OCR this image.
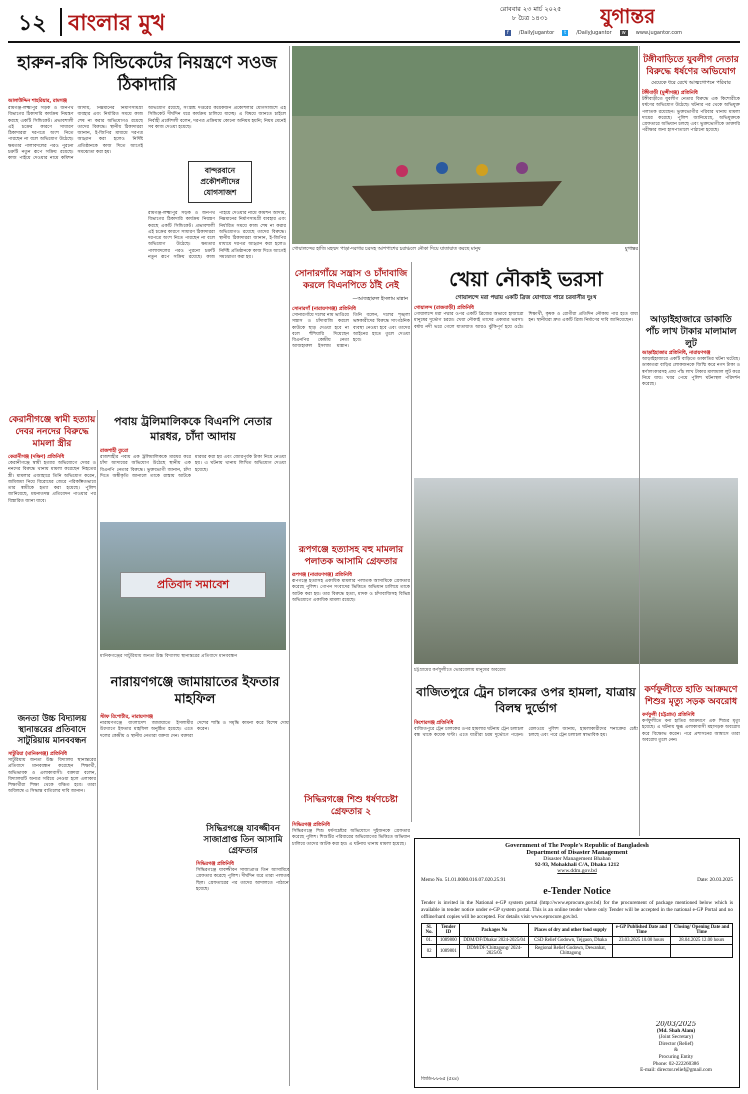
১২ বাংলার মুখ
রোববার ২৩ মার্চ ২০২৫
৮ চৈত্র ১৪৩১	যুগান্তর
f	/DailyJugantor	t	/DailyJugantor	w	www.jugantor.com
হারুন-রকি সিন্ডিকেটের নিয়ন্ত্রণে সওজ ঠিকাদারি
আলাউদ্দিন শাহরিয়ার, রামগঞ্জ
রামগঞ্জ-লক্ষ্মীপুর সড়ক ও জনপথ বিভাগের ঠিকাদারি কার্যক্রম নিয়ন্ত্রণ করছে একটি সিন্ডিকেট। প্রভাবশালী এই চক্রের কারণে সাধারণ ঠিকাদাররা দরপত্রে অংশ নিতে পারছেন না বলে অভিযোগ উঠেছে। ক্ষমতার পালাবদলের পরও পুরনো চক্রটি নতুন রূপে সক্রিয় রয়েছে। কাজ পাইয়ে দেওয়ার নামে কমিশন আদায়, নিম্নমানের নির্মাণসামগ্রী ব্যবহার এবং নির্ধারিত সময়ে কাজ শেষ না করার অভিযোগও রয়েছে তাদের বিরুদ্ধে। স্থানীয় ঠিকাদাররা জানান, ই-জিপির মাধ্যমে দরপত্র আহ্বান করা হলেও নির্দিষ্ট প্রতিষ্ঠানকে কাজ দিতে আগেই সমঝোতা করা হয়।
অভিযোগ রয়েছে, সংশ্লিষ্ট দপ্তরের কয়েকজন প্রকৌশলীর যোগসাজশে এই সিন্ডিকেট দীর্ঘদিন ধরে কার্যক্রম চালিয়ে যাচ্ছে। এ বিষয়ে জানতে চাইলে নির্বাহী প্রকৌশলী বলেন, দরপত্র প্রক্রিয়ায় কোনো অনিয়ম হয়নি; নিয়ম মেনেই সব কাজ দেওয়া হয়েছে।
বান্দরবানে প্রকৌশলীদের যোগসাজশ
রামগঞ্জ-লক্ষ্মীপুর সড়ক ও জনপথ বিভাগের ঠিকাদারি কার্যক্রম নিয়ন্ত্রণ করছে একটি সিন্ডিকেট। প্রভাবশালী এই চক্রের কারণে সাধারণ ঠিকাদাররা দরপত্রে অংশ নিতে পারছেন না বলে অভিযোগ উঠেছে। ক্ষমতার পালাবদলের পরও পুরনো চক্রটি নতুন রূপে সক্রিয় রয়েছে। কাজ পাইয়ে দেওয়ার নামে কমিশন আদায়, নিম্নমানের নির্মাণসামগ্রী ব্যবহার এবং নির্ধারিত সময়ে কাজ শেষ না করার অভিযোগও রয়েছে তাদের বিরুদ্ধে। স্থানীয় ঠিকাদাররা জানান, ই-জিপির মাধ্যমে দরপত্র আহ্বান করা হলেও নির্দিষ্ট প্রতিষ্ঠানকে কাজ দিতে আগেই সমঝোতা করা হয়।
গোয়ালন্দের হাজি মহম্মদ পাড়া-দরগার চরসহ আশপাশের চরাঞ্চলে নৌকা দিয়ে যাতায়াত করছে মানুষ	যুগান্তর
টঙ্গীবাড়িতে যুবলীগ নেতার বিরুদ্ধে ধর্ষণের অভিযোগ
মেয়েকে ধরে রেখে আত্মগোপনে পরিবার
টঙ্গীবাড়ী (মুন্সীগঞ্জ) প্রতিনিধি
টঙ্গীবাড়ীতে যুবলীগ নেতার বিরুদ্ধে এক কিশোরীকে ধর্ষণের অভিযোগ উঠেছে। ঘটনার পর থেকে অভিযুক্ত পলাতক রয়েছেন। ভুক্তভোগীর পরিবার থানায় মামলা দায়ের করেছে। পুলিশ জানিয়েছে, অভিযুক্তকে গ্রেফতারে অভিযান চলছে এবং ভুক্তভোগীকে ডাক্তারি পরীক্ষার জন্য হাসপাতালে পাঠানো হয়েছে।
সোনারগাঁয়ে সন্ত্রাস ও চাঁদাবাজি করলে বিএনপিতে ঠাঁই নেই
—আজহারুল ইসলাম মান্নান
সোনারগাঁ (নারায়ণগঞ্জ) প্রতিনিধি
সোনারগাঁয়ে দলের নাম ভাঙিয়ে সন্ত্রাস ও চাঁদাবাজি করলে কাউকে ছাড় দেওয়া হবে না বলে হুঁশিয়ারি দিয়েছেন বিএনপির কেন্দ্রীয় নেতা আজহারুল ইসলাম মান্নান। তিনি বলেন, দলের শৃঙ্খলা ভঙ্গকারীদের বিরুদ্ধে সাংগঠনিক ব্যবস্থা নেওয়া হবে এবং তাদের আইনের হাতে তুলে দেওয়া হবে।
খেয়া নৌকাই ভরসা
গোয়ালন্দে মরা পদ্মায় একটি ব্রিজ যোগাতে পারে চরবাসীর দুঃখ
গোয়ালন্দ (রাজবাড়ী) প্রতিনিধি
গোয়ালন্দে মরা পদ্মার ওপর একটি ব্রিজের অভাবে হাজারো মানুষের দুর্ভোগ চরমে। খেয়া নৌকাই তাদের একমাত্র ভরসা। বর্ষায় নদী ভরে গেলে যাতায়াত আরও ঝুঁকিপূর্ণ হয়ে ওঠে। শিক্ষার্থী, কৃষক ও রোগীরা প্রতিদিন নৌকায় পার হতে বাধ্য হন। স্থানীয়রা দ্রুত একটি ব্রিজ নির্মাণের দাবি জানিয়েছেন।	আড়াইহাজারে ডাকাতি পাঁচ লাখ টাকার মালামাল লুট
আড়াইহাজার প্রতিনিধি, নারায়ণগঞ্জ
আড়াইহাজারে একটি বাড়িতে ডাকাতির ঘটনা ঘটেছে। ডাকাতরা বাড়ির লোকজনকে জিম্মি করে নগদ টাকা ও স্বর্ণালংকারসহ প্রায় পাঁচ লাখ টাকার মালামাল লুট করে নিয়ে যায়। খবর পেয়ে পুলিশ ঘটনাস্থল পরিদর্শন করেছে।
কেরানীগঞ্জে স্বামী হত্যায় দেবর ননদের বিরুদ্ধে মামলা স্ত্রীর
কেরানীগঞ্জ (দক্ষিণ) প্রতিনিধি
কেরানীগঞ্জে স্বামী হত্যার অভিযোগে দেবর ও ননদের বিরুদ্ধে থানায় মামলা করেছেন নিহতের স্ত্রী। মামলার এজাহারে তিনি অভিযোগ করেন, জমিজমা নিয়ে বিরোধের জেরে পরিকল্পিতভাবে তার স্বামীকে হত্যা করা হয়েছে। পুলিশ জানিয়েছে, ময়নাতদন্ত প্রতিবেদন পাওয়ার পর বিস্তারিত জানা যাবে।
পবায় ট্রলিমালিককে বিএনপি নেতার মারধর, চাঁদা আদায়
রাজশাহী ব্যুরো
রাজশাহীর পবায় এক ট্রলিমালিককে মারধর করে চাঁদা আদায়ের অভিযোগ উঠেছে স্থানীয় এক বিএনপি নেতার বিরুদ্ধে। ভুক্তভোগী জানান, চাঁদা দিতে অস্বীকৃতি জানালে তাকে রাস্তায় আটকে মারধর করা হয় এবং জোরপূর্বক টাকা নিয়ে নেওয়া হয়। এ ঘটনায় থানায় লিখিত অভিযোগ দেওয়া হয়েছে।
প্রতিবাদ সমাবেশ
মানিকগঞ্জের সাটুরিয়ায় জনতা উচ্চ বিদ্যালয় স্থানান্তরের প্রতিবাদে মানববন্ধন
রূপগঞ্জে হত্যাসহ বহু মামলার পলাতক আসামি গ্রেফতার
রূপগঞ্জ (নারায়ণগঞ্জ) প্রতিনিধি
রূপগঞ্জে হত্যাসহ একাধিক মামলার পলাতক আসামিকে গ্রেফতার করেছে পুলিশ। গোপন সংবাদের ভিত্তিতে অভিযান চালিয়ে তাকে আটক করা হয়। তার বিরুদ্ধে হত্যা, মাদক ও চাঁদাবাজিসহ বিভিন্ন অভিযোগে একাধিক মামলা রয়েছে।
চট্টগ্রামের কর্ণফুলীতে ভোরবেলায় মানুষের অবরোধ
বাজিতপুরে ট্রেন চালকের ওপর হামলা, যাত্রায় বিলম্ব দুর্ভোগ
কিশোরগঞ্জ প্রতিনিধি
বাজিতপুরে ট্রেন চালকের ওপর হামলার ঘটনায় ট্রেন চলাচল বন্ধ থাকে কয়েক ঘণ্টা। এতে যাত্রীরা চরম দুর্ভোগে পড়েন। রেলওয়ে পুলিশ জানায়, হামলাকারীদের শনাক্তের চেষ্টা চলছে এবং পরে ট্রেন চলাচল স্বাভাবিক হয়।
কর্ণফুলীতে হাতি আক্রমণে শিশুর মৃত্যু সড়ক অবরোধ
কর্ণফুলী (চট্টগ্রাম) প্রতিনিধি
কর্ণফুলীতে বন্য হাতির আক্রমণে এক শিশুর মৃত্যু হয়েছে। এ ঘটনায় ক্ষুব্ধ এলাকাবাসী মহাসড়ক অবরোধ করে বিক্ষোভ করেন। পরে প্রশাসনের আশ্বাসে তারা অবরোধ তুলে নেন।
জনতা উচ্চ বিদ্যালয় স্থানান্তরের প্রতিবাদে সাটুরিয়ায় মানববন্ধন
সাটুরিয়া (মানিকগঞ্জ) প্রতিনিধি
সাটুরিয়ায় জনতা উচ্চ বিদ্যালয় স্থানান্তরের প্রতিবাদে মানববন্ধন করেছেন শিক্ষার্থী, অভিভাবক ও এলাকাবাসী। বক্তারা বলেন, বিদ্যালয়টি অন্যত্র সরিয়ে নেওয়া হলে এলাকার শিক্ষার্থীরা শিক্ষা থেকে বঞ্চিত হবে। তারা অবিলম্বে এ সিদ্ধান্ত বাতিলের দাবি জানান।
নারায়ণগঞ্জে জামায়াতের ইফতার মাহফিল
স্টাফ রিপোর্টার, নারায়ণগঞ্জ
নারায়ণগঞ্জে বাংলাদেশ জামায়াতে ইসলামীর উদ্যোগে ইফতার মাহফিল অনুষ্ঠিত হয়েছে। এতে দলের কেন্দ্রীয় ও স্থানীয় নেতারা বক্তব্য দেন। বক্তারা দেশের শান্তি ও সমৃদ্ধি কামনা করে বিশেষ দোয়া করেন।
সিদ্ধিরগঞ্জে যাবজ্জীবন সাজাপ্রাপ্ত তিন আসামি গ্রেফতার
সিদ্ধিরগঞ্জ প্রতিনিধি
সিদ্ধিরগঞ্জে যাবজ্জীবন সাজাপ্রাপ্ত তিন আসামিকে গ্রেফতার করেছে পুলিশ। দীর্ঘদিন ধরে তারা পলাতক ছিল। গ্রেফতারের পর তাদের আদালতে পাঠানো হয়েছে।
সিদ্ধিরগঞ্জে শিশু ধর্ষণচেষ্টা গ্রেফতার ২
সিদ্ধিরগঞ্জ প্রতিনিধি
সিদ্ধিরগঞ্জে শিশু ধর্ষণচেষ্টার অভিযোগে দুইজনকে গ্রেফতার করেছে পুলিশ। শিশুটির পরিবারের অভিযোগের ভিত্তিতে অভিযান চালিয়ে তাদের আটক করা হয়। এ ঘটনায় থানায় মামলা হয়েছে।	Government of The People's Republic of Bangladesh
Department of Disaster Management
Disaster Management Bhaban
92-93, Mohakhali C/A, Dhaka 1212
www.ddm.gov.bd
Memo No. 51.01.0000.016.07.020.25.91	Date: 20.03.2025
e-Tender Notice
Tender is invited in the National e-GP system portal (http://www.eprocure.gov.bd) for the procurement of package mentioned below which is available in tender notice under e-GP system portal. This is an online tender where only Tender will be accepted in the national e-GP Portal and no offline/hard copies will be accepted. For details visit www.eprocure.gov.bd.
Sl. No.	Tender ID	Packages No	Places of dry and other food supply	e-GP Published Date and Time	Closing/ Opening Date and Time
01.	1089800	DDM/DF/Dhaka/ 2024-2025/04	CSD Relief Godown, Tejgaon, Dhaka	23.03.2025 10.00 hours	28.04.2025 12.00 hours
02	1089801	DDM/DF/Chittagong/ 2024-2025/05	Regional Relief Godown, Dewanhat, Chittagong		
20/03/2025
(Md. Shah Alam)
(Joint Secretary)
Director (Relief)
&
Procuring Entity
Phone: 02-222260386
E-mail: director.relief@gmail.com
জিডি-৮৮৬৫ (৫x৪)
